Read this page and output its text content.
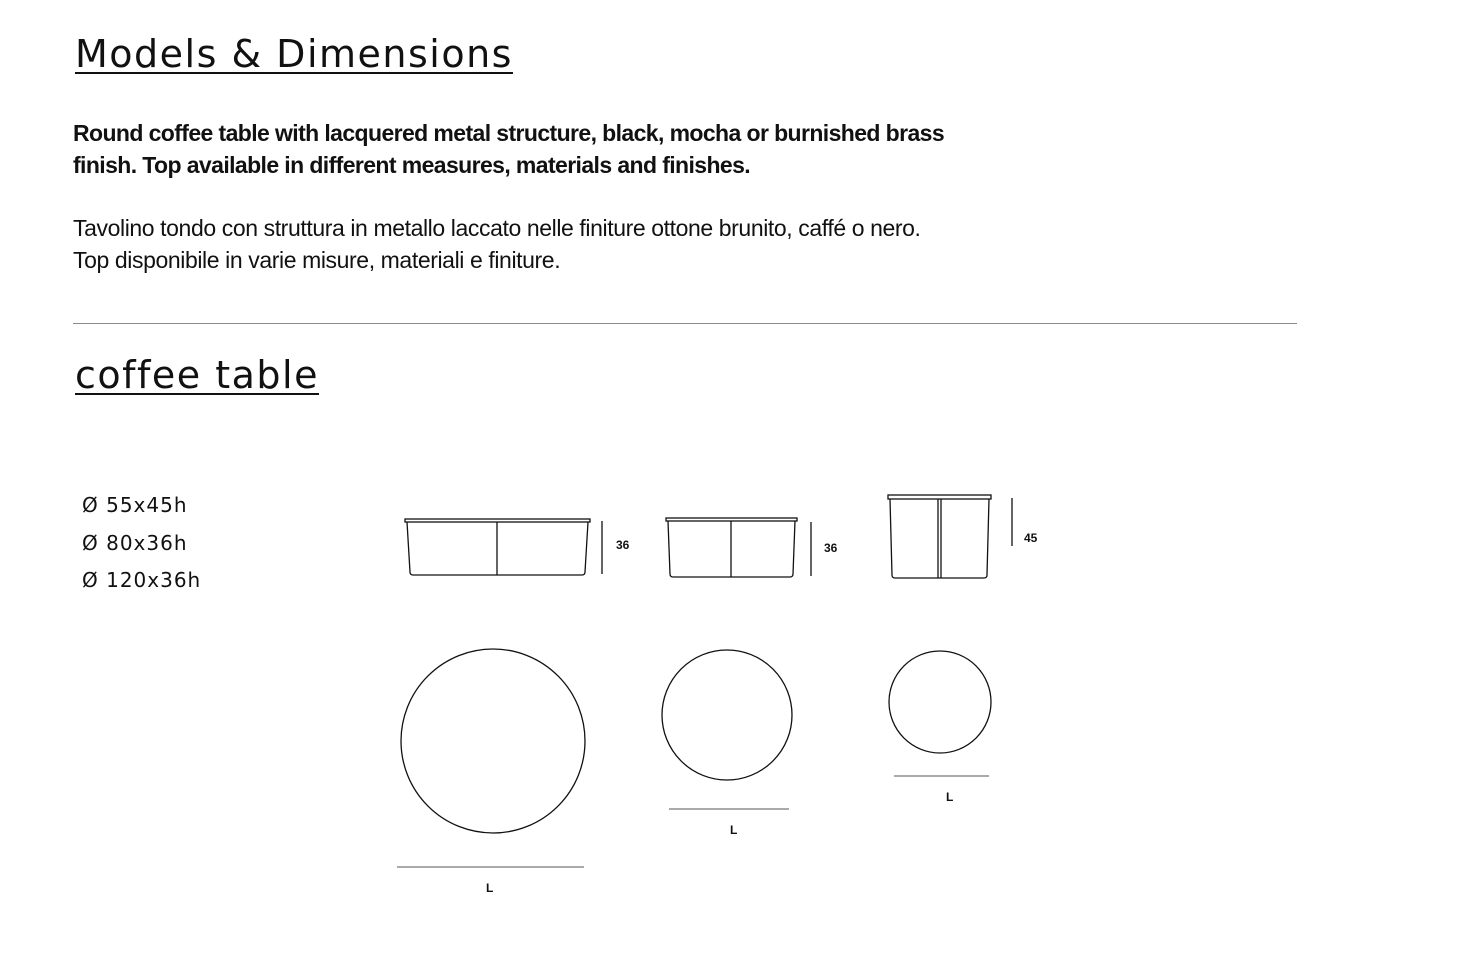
Models & Dimensions

Round coffee table with lacquered metal structure, black, mocha or burnished brass
finish. Top available in different measures, materials and finishes.

Tavolino tondo con struttura in metallo laccato nelle finiture ottone brunito, caffé o nero.
Top disponibile in varie misure, materiali e finiture.

coffee table
Ø 55x45h
Ø 80x36h
Ø 120x36h
36	36
45
L
L
L
